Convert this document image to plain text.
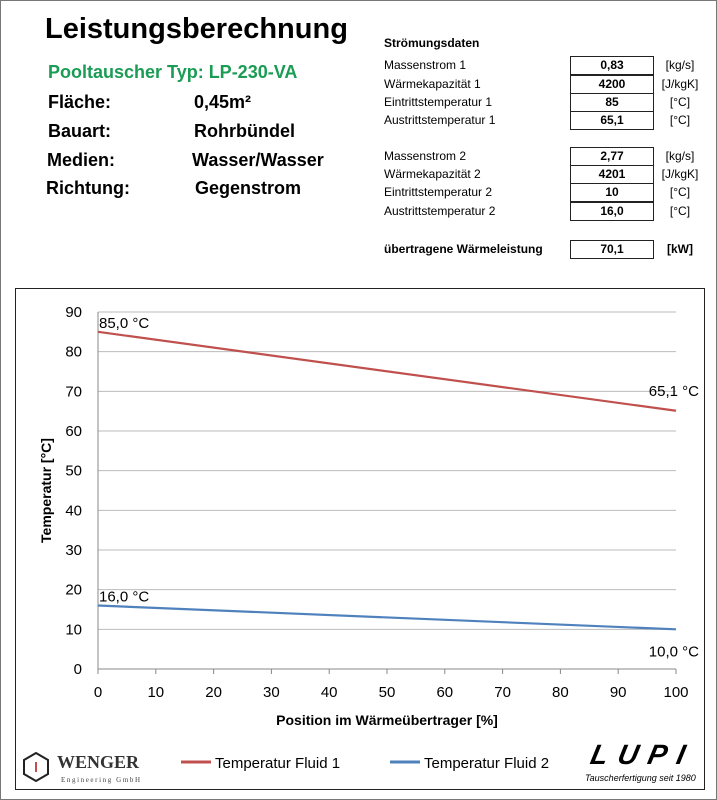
Leistungsberechnung
Pooltauscher Typ: LP-230-VA
Fläche:	0,45m²
Bauart:	Rohrbündel
Medien:	Wasser/Wasser
Richtung:	Gegenstrom
Strömungsdaten
Massenstrom 1	0,83	[kg/s]
Wärmekapazität 1	4200	[J/kgK]
Eintrittstemperatur 1	85	[°C]
Austrittstemperatur 1	65,1	[°C]
Massenstrom 2	2,77	[kg/s]
Wärmekapazität 2	4201	[J/kgK]
Eintrittstemperatur 2	10	[°C]
Austrittstemperatur 2	16,0	[°C]
übertragene Wärmeleistung	70,1	[kW]
0
10
20
30
40
50
60
70
80
90
0	10	20	30	40	50	60	70	80	90 100
Position im Wärmeübertrager [%]
Temperatur [°C]
85,0 °C
65,1 °C
Temperatur Fluid 1
16,0 °C
10,0 °C
Temperatur Fluid 2
WENGER
Engineering GmbH
LUPI
Tauscherfertigung seit 1980
